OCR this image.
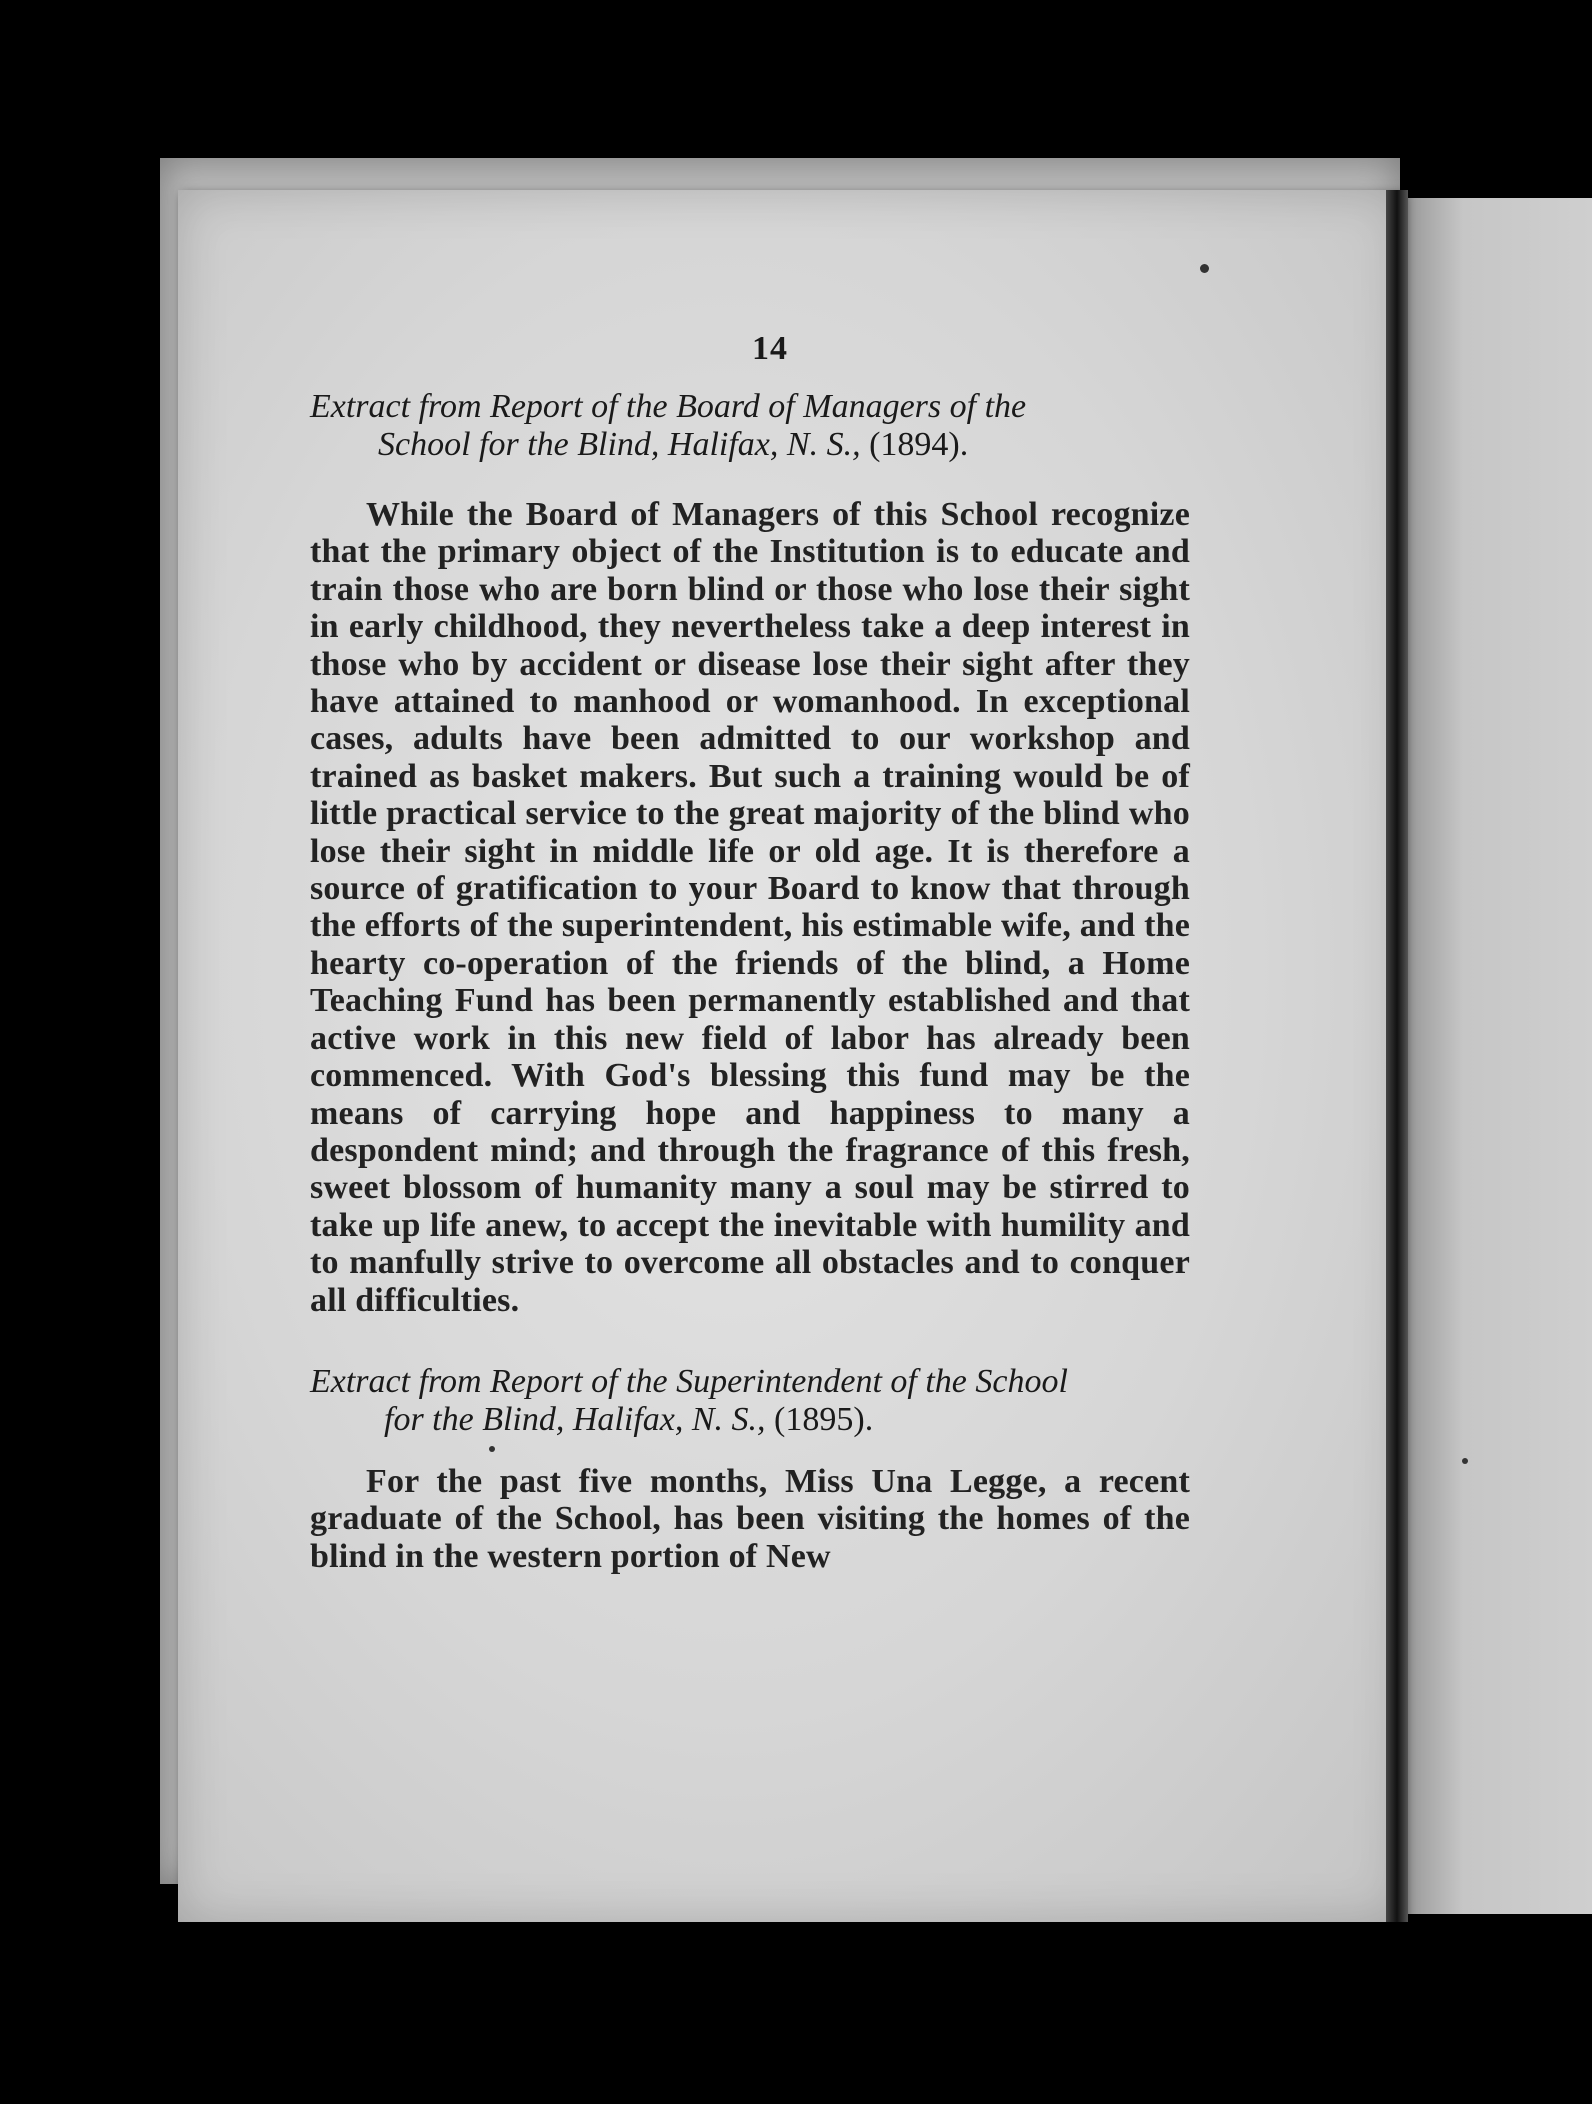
14

Extract from Report of the Board of Managers of the
School for the Blind, Halifax, N. S., (1894).

While the Board of Managers of this School recognize that the primary object of the Institution is to educate and train those who are born blind or those who lose their sight in early childhood, they nevertheless take a deep interest in those who by accident or disease lose their sight after they have attained to manhood or womanhood. In exceptional cases, adults have been admitted to our workshop and trained as basket makers. But such a training would be of little practical service to the great majority of the blind who lose their sight in middle life or old age. It is therefore a source of gratification to your Board to know that through the efforts of the superintendent, his estimable wife, and the hearty co-operation of the friends of the blind, a Home Teaching Fund has been permanently established and that active work in this new field of labor has already been commenced. With God's blessing this fund may be the means of carrying hope and happiness to many a despondent mind; and through the fragrance of this fresh, sweet blossom of humanity many a soul may be stirred to take up life anew, to accept the inevitable with humility and to manfully strive to overcome all obstacles and to conquer all difficulties.

Extract from Report of the Superintendent of the School
for the Blind, Halifax, N. S., (1895).

For the past five months, Miss Una Legge, a recent graduate of the School, has been visiting the homes of the blind in the western portion of New
